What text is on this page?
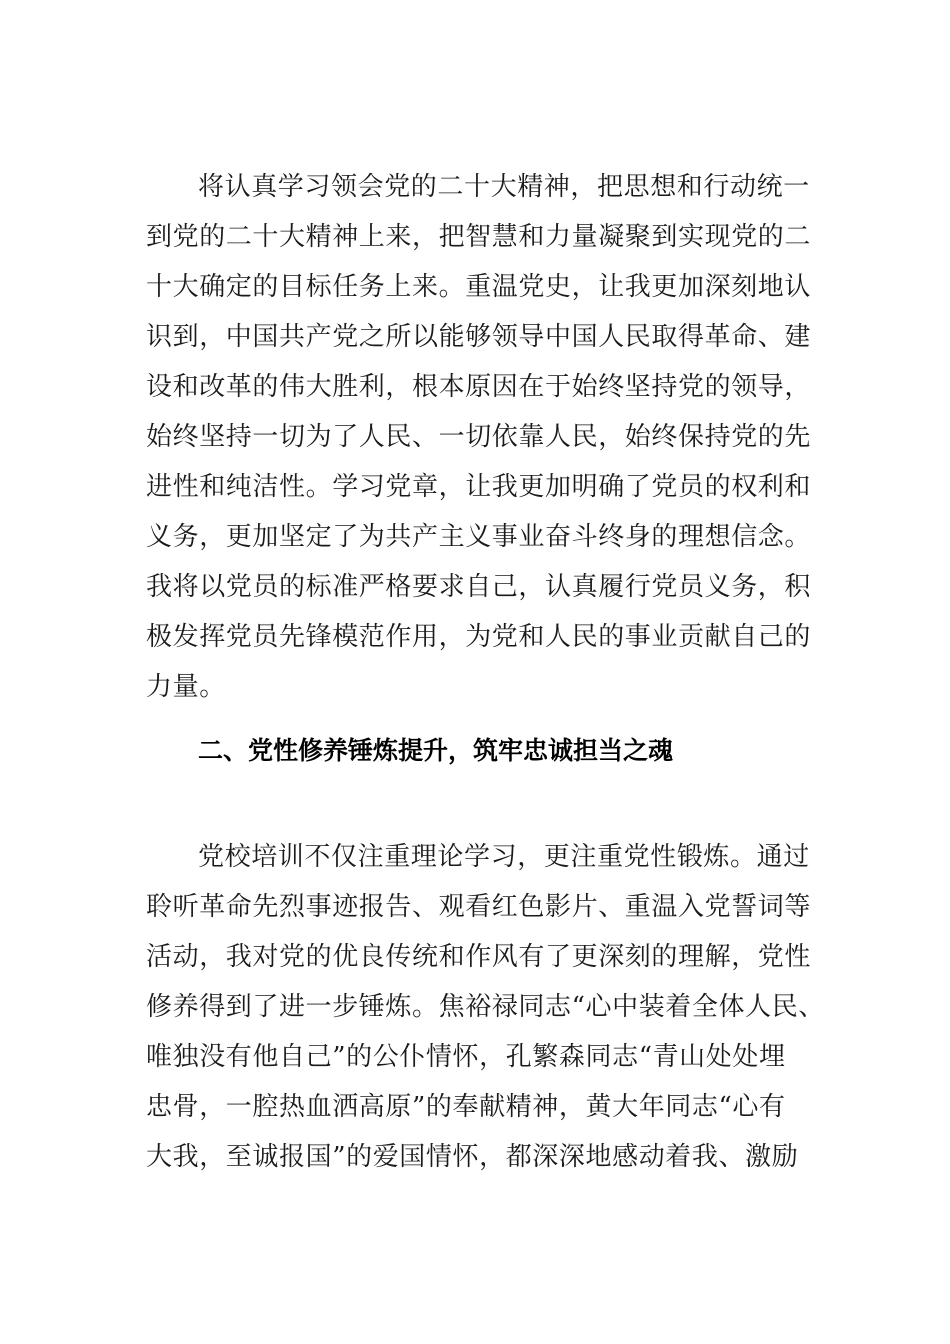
将认真学习领会党的二十大精神，把思想和行动统一
到党的二十大精神上来，把智慧和力量凝聚到实现党的二
十大确定的目标任务上来。重温党史，让我更加深刻地认
识到，中国共产党之所以能够领导中国人民取得革命、建
设和改革的伟大胜利，根本原因在于始终坚持党的领导，
始终坚持一切为了人民、一切依靠人民，始终保持党的先
进性和纯洁性。学习党章，让我更加明确了党员的权利和
义务，更加坚定了为共产主义事业奋斗终身的理想信念。
我将以党员的标准严格要求自己，认真履行党员义务，积
极发挥党员先锋模范作用，为党和人民的事业贡献自己的
力量。
二、党性修养锤炼提升，筑牢忠诚担当之魂
党校培训不仅注重理论学习，更注重党性锻炼。通过
聆听革命先烈事迹报告、观看红色影片、重温入党誓词等
活动，我对党的优良传统和作风有了更深刻的理解，党性
修养得到了进一步锤炼。焦裕禄同志“心中装着全体人民、
唯独没有他自己”的公仆情怀，孔繁森同志“青山处处埋
忠骨，一腔热血洒高原”的奉献精神，黄大年同志“心有
大我，至诚报国”的爱国情怀，都深深地感动着我、激励
